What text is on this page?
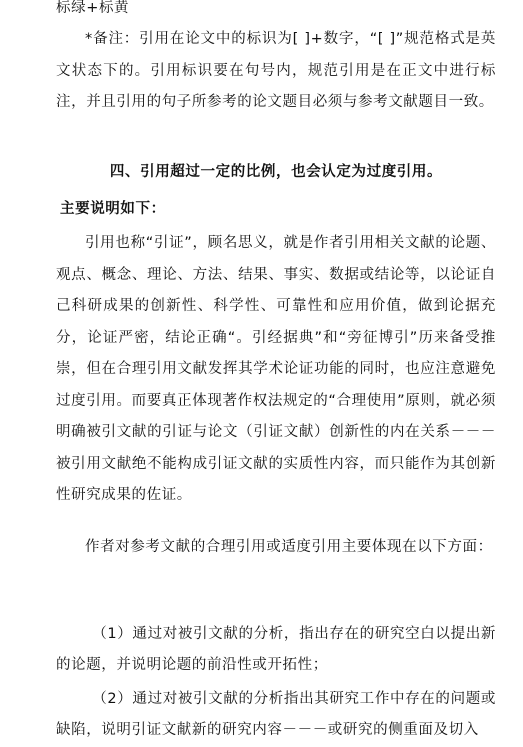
标绿+标黄

*备注：引用在论文中的标识为[ ]+数字，“[ ]”规范格式是英文状态下的。引用标识要在句号内，规范引用是在正文中进行标注，并且引用的句子所参考的论文题目必须与参考文献题目一致。

四、引用超过一定的比例，也会认定为过度引用。
主要说明如下：

引用也称“引证”，顾名思义，就是作者引用相关文献的论题、观点、概念、理论、方法、结果、事实、数据或结论等，以论证自己科研成果的创新性、科学性、可靠性和应用价值，做到论据充分，论证严密，结论正确“。引经据典”和“旁征博引”历来备受推崇，但在合理引用文献发挥其学术论证功能的同时，也应注意避免过度引用。而要真正体现著作权法规定的“合理使用”原则，就必须明确被引文献的引证与论文（引证文献）创新性的内在关系－－－被引用文献绝不能构成引证文献的实质性内容，而只能作为其创新性研究成果的佐证。

作者对参考文献的合理引用或适度引用主要体现在以下方面：

（1）通过对被引文献的分析，指出存在的研究空白以提出新的论题，并说明论题的前沿性或开拓性；

（2）通过对被引文献的分析指出其研究工作中存在的问题或缺陷，说明引证文献新的研究内容－－－或研究的侧重面及切入
